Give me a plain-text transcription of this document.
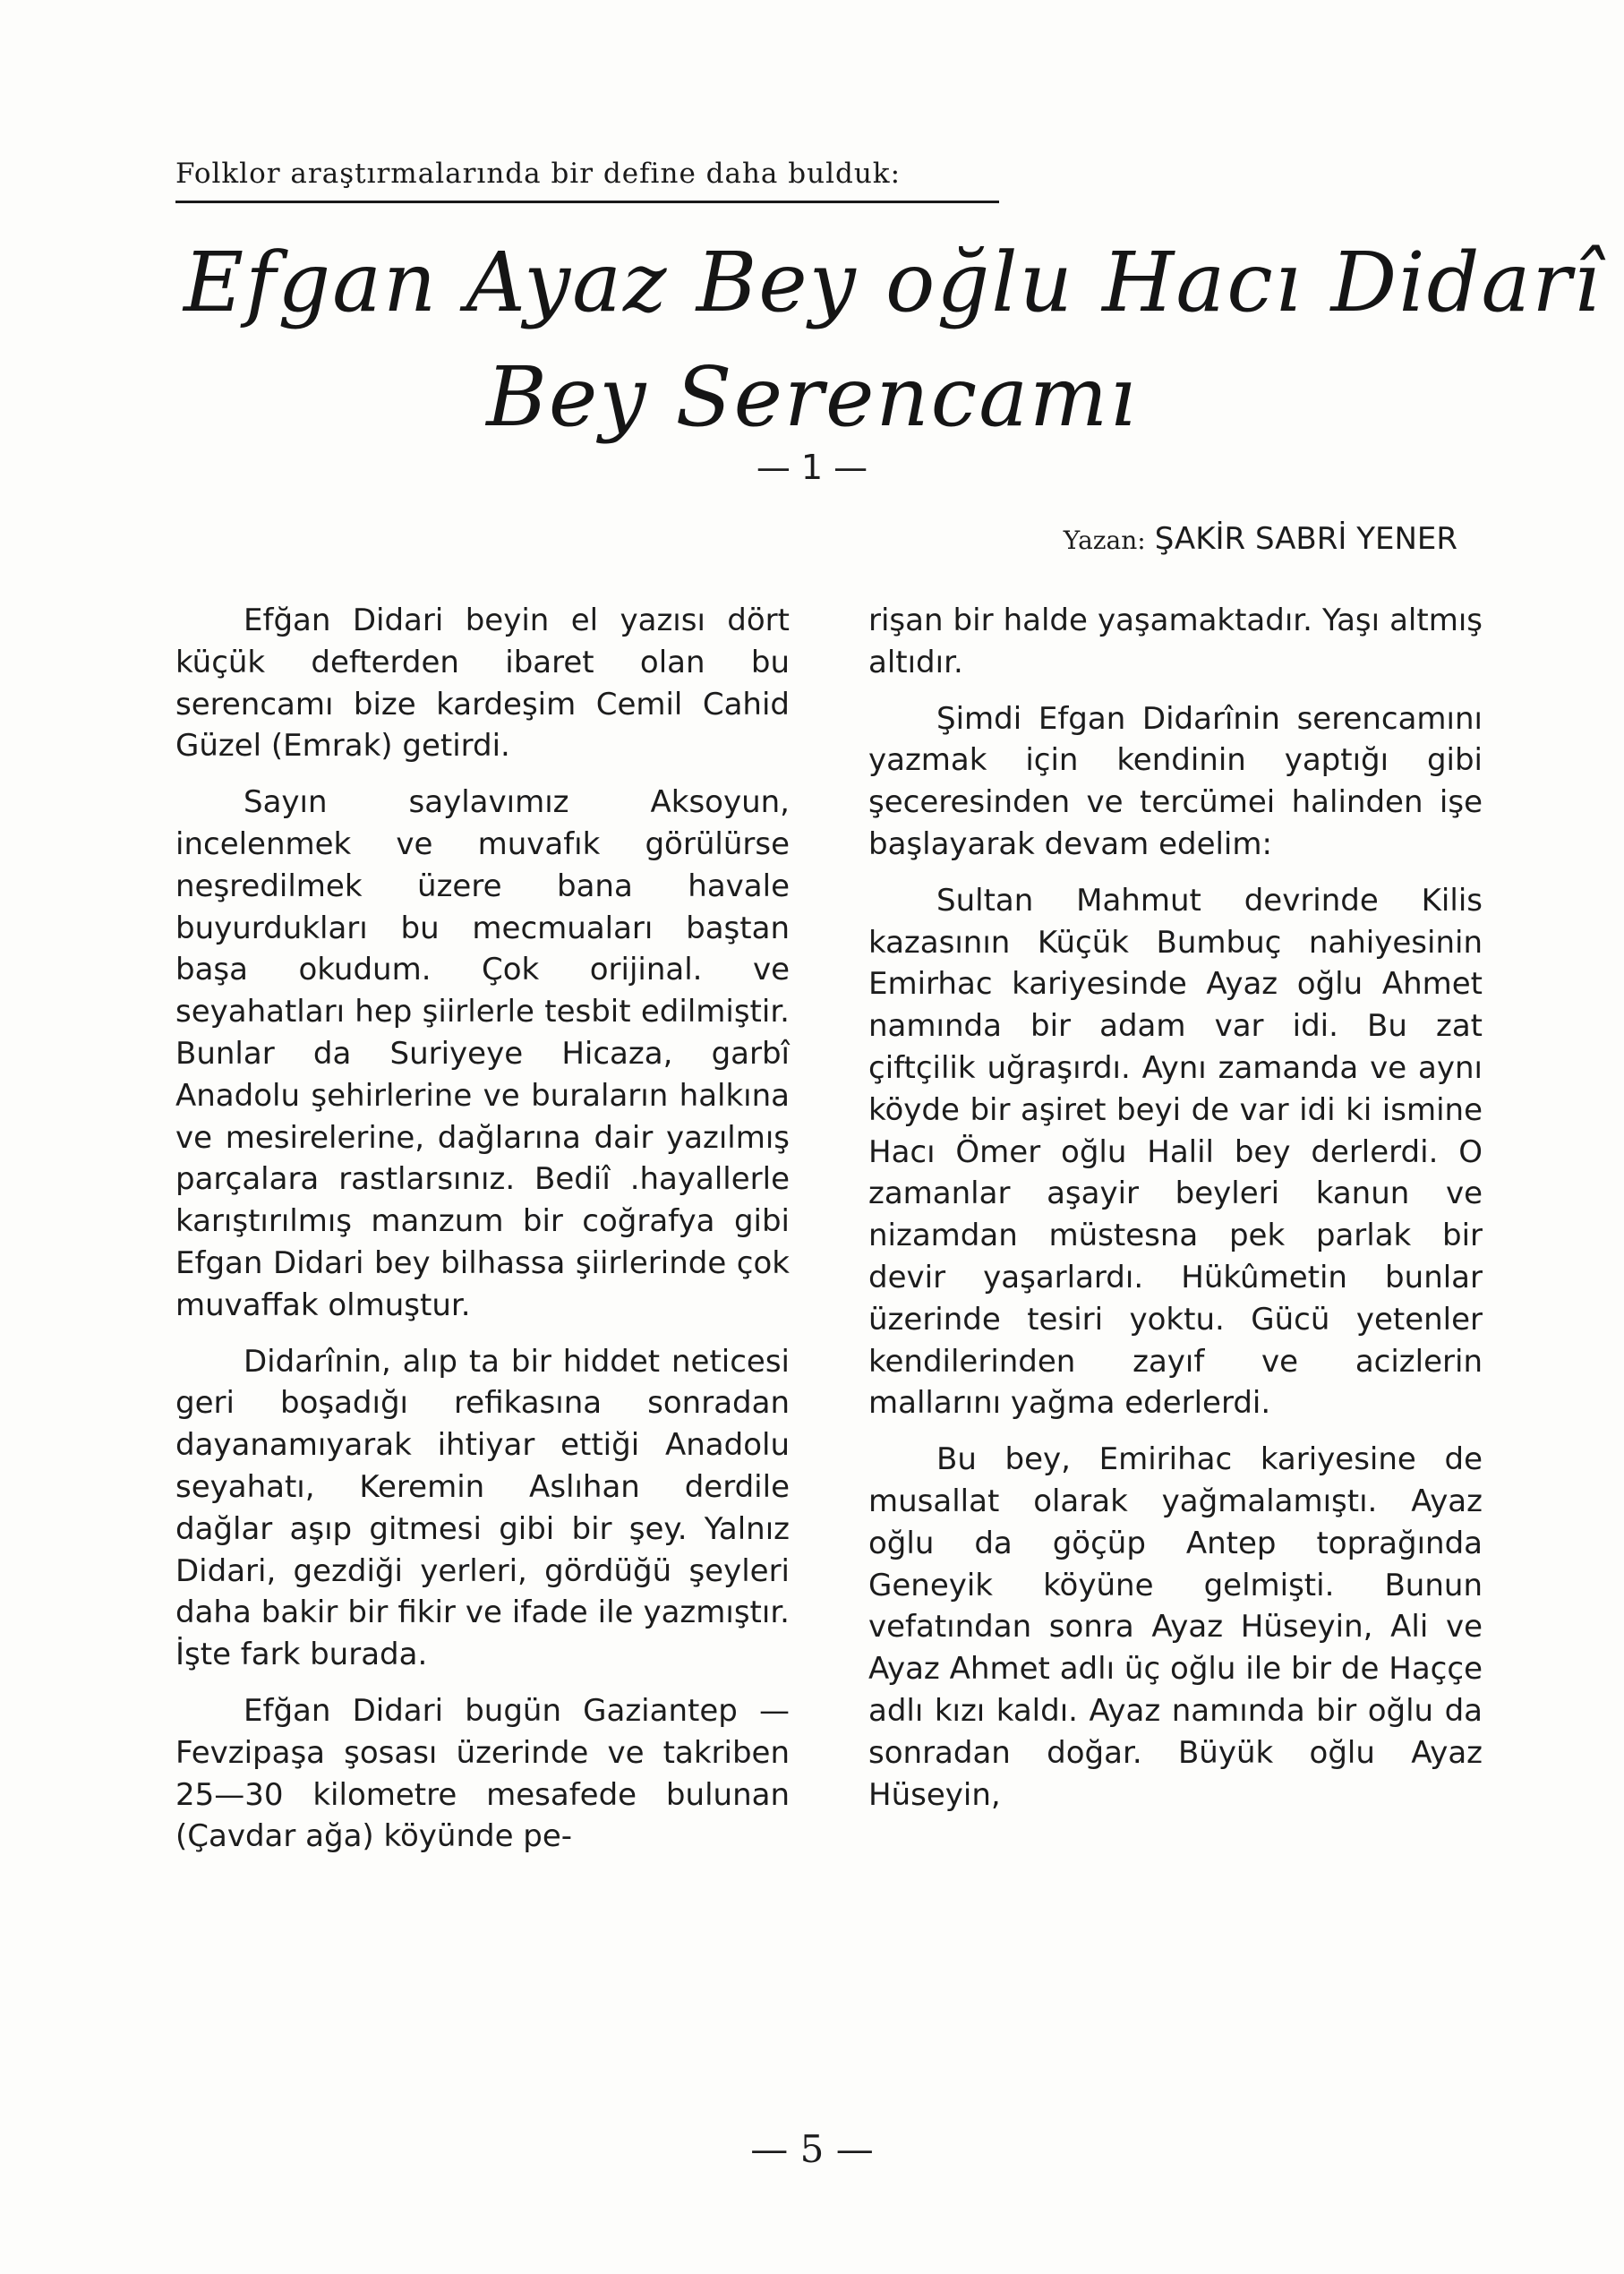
Folklor araştırmalarında bir define daha bulduk:

Efgan Ayaz Bey oğlu Hacı Didarî
Bey Serencamı

— 1 —

Yazan: ŞAKİR SABRİ YENER

Efğan Didari beyin el yazısı dört küçük defterden ibaret olan bu serencamı bize kardeşim Cemil Cahid Güzel (Emrak) getirdi.

Sayın saylavımız Aksoyun, incelenmek ve muvafık görülürse neşredilmek üzere bana havale buyurdukları bu mecmuaları baştan başa okudum. Çok orijinal. ve seyahatları hep şiirlerle tesbit edilmiştir. Bunlar da Suriyeye Hicaza, garbî Anadolu şehirlerine ve buraların halkına ve mesirelerine, dağlarına dair yazılmış parçalara rastlarsınız. Bediî .hayallerle karıştırılmış manzum bir coğrafya gibi Efgan Didari bey bilhassa şiirlerinde çok muvaffak olmuştur.

Didarînin, alıp ta bir hiddet neticesi geri boşadığı refikasına sonradan dayanamıyarak ihtiyar ettiği Anadolu seyahatı, Keremin Aslıhan derdile dağlar aşıp gitmesi gibi bir şey. Yalnız Didari, gezdiği yerleri, gördüğü şeyleri daha bakir bir fikir ve ifade ile yazmıştır. İşte fark burada.

Efğan Didari bugün Gaziantep —Fevzipaşa şosası üzerinde ve takriben 25—30 kilometre mesafede bulunan (Çavdar ağa) köyünde pe-

rişan bir halde yaşamaktadır. Yaşı altmış altıdır.

Şimdi Efgan Didarînin serencamını yazmak için kendinin yaptığı gibi şeceresinden ve tercümei halinden işe başlayarak devam edelim:

Sultan Mahmut devrinde Kilis kazasının Küçük Bumbuç nahiyesinin Emirhac kariyesinde Ayaz oğlu Ahmet namında bir adam var idi. Bu zat çiftçilik uğraşırdı. Aynı zamanda ve aynı köyde bir aşiret beyi de var idi ki ismine Hacı Ömer oğlu Halil bey derlerdi. O zamanlar aşayir beyleri kanun ve nizamdan müstesna pek parlak bir devir yaşarlardı. Hükûmetin bunlar üzerinde tesiri yoktu. Gücü yetenler kendilerinden zayıf ve acizlerin mallarını yağma ederlerdi.

Bu bey, Emirihac kariyesine de musallat olarak yağmalamıştı. Ayaz oğlu da göçüp Antep toprağında Geneyik köyüne gelmişti. Bunun vefatından sonra Ayaz Hüseyin, Ali ve Ayaz Ahmet adlı üç oğlu ile bir de Haççe adlı kızı kaldı. Ayaz namında bir oğlu da sonradan doğar. Büyük oğlu Ayaz Hüseyin,

— 5 —
